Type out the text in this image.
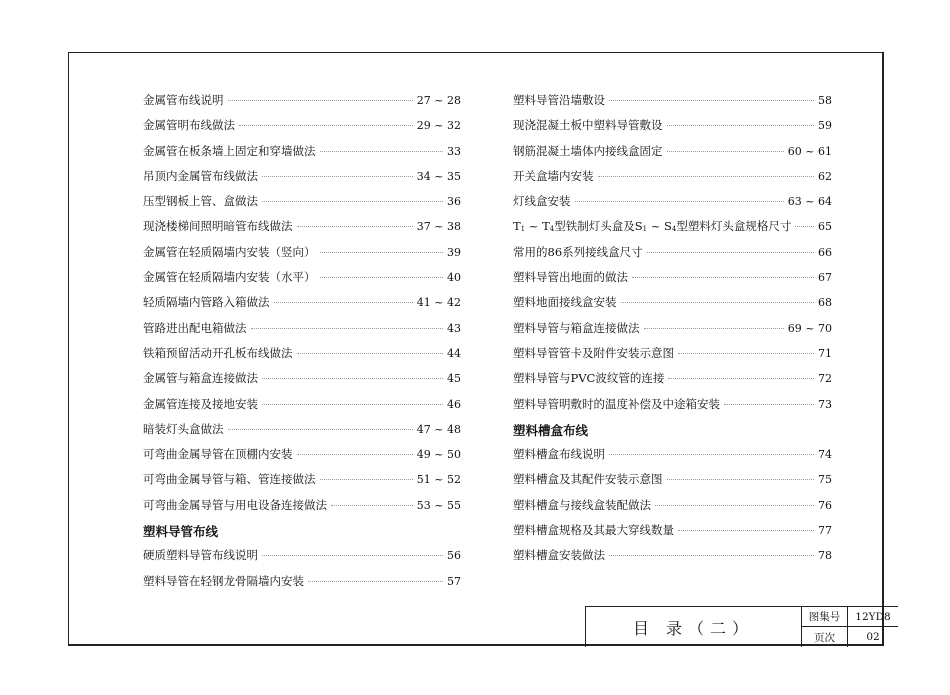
金属管布线说明	27 ~ 28
金属管明布线做法	29 ~ 32
金属管在板条墙上固定和穿墙做法	33
吊顶内金属管布线做法	34 ~ 35
压型钢板上管、盒做法	36
现浇楼梯间照明暗管布线做法	37 ~ 38
金属管在轻质隔墙内安装（竖向）	39
金属管在轻质隔墙内安装（水平）	40
轻质隔墙内管路入箱做法	41 ~ 42
管路进出配电箱做法	43
铁箱预留活动开孔板布线做法	44
金属管与箱盒连接做法	45
金属管连接及接地安装	46
暗装灯头盒做法	47 ~ 48
可弯曲金属导管在顶棚内安装	49 ~ 50
可弯曲金属导管与箱、管连接做法	51 ~ 52
可弯曲金属导管与用电设备连接做法	53 ~ 55
塑料导管布线
硬质塑料导管布线说明	56
塑料导管在轻钢龙骨隔墙内安装	57
塑料导管沿墙敷设	58
现浇混凝土板中塑料导管敷设	59
钢筋混凝土墙体内接线盒固定	60 ~ 61
开关盒墙内安装	62
灯线盒安装	63 ~ 64
$T_1$ ~ $T_4$型铁制灯头盒及$S_1$ ~ $S_4$型塑料灯头盒规格尺寸 65
常用的86系列接线盒尺寸	66
塑料导管出地面的做法	67
塑料地面接线盒安装	68
塑料导管与箱盒连接做法	69 ~ 70
塑料导管管卡及附件安装示意图	71
塑料导管与PVC波纹管的连接	72
塑料导管明敷时的温度补偿及中途箱安装	73
塑料槽盒布线
塑料槽盒布线说明	74
塑料槽盒及其配件安装示意图	75
塑料槽盒与接线盒装配做法	76
塑料槽盒规格及其最大穿线数量	77
塑料槽盒安装做法	78
目 录（二）
图集号	12YD8
页次	02
